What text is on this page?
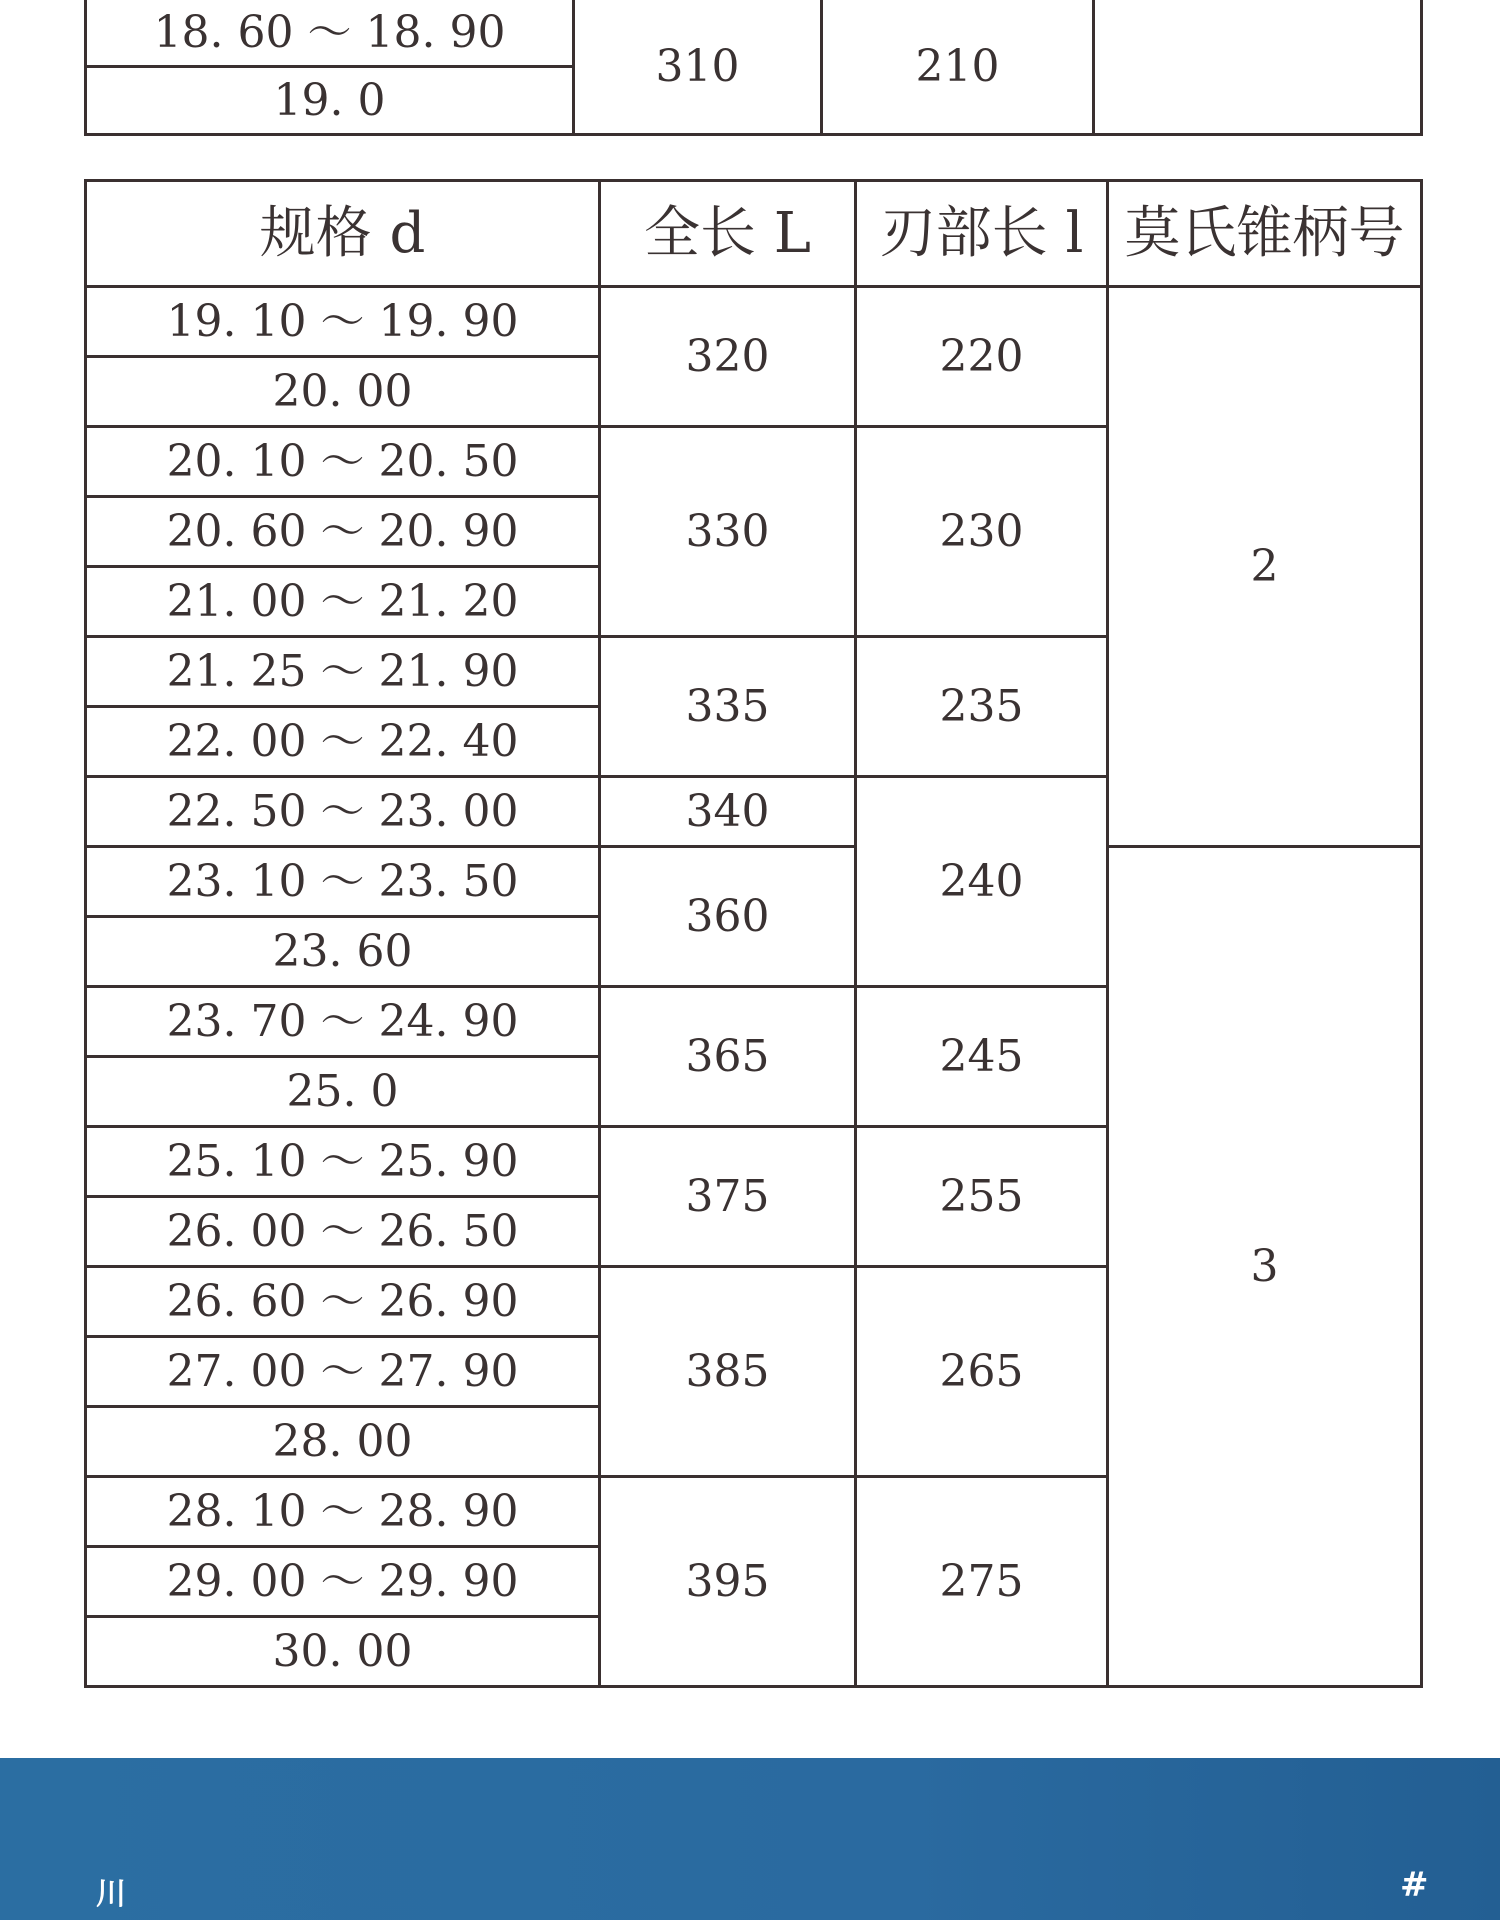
18. 60 ～ 18. 90	310	210	
19. 0
规格 d	全长 L	刃部长 l	莫氏锥柄号
19. 10 ～ 19. 90	320	220	2
20. 00			
20. 10 ～ 20. 50	330	230	
20. 60 ～ 20. 90			
21. 00 ～ 21. 20			
21. 25 ～ 21. 90	335	235	
22. 00 ～ 22. 40			
22. 50 ～ 23. 00	340	240	
23. 10 ～ 23. 50	360		3
23. 60			
23. 70 ～ 24. 90	365	245	
25. 0			
25. 10 ～ 25. 90	375	255	
26. 00 ～ 26. 50			
26. 60 ～ 26. 90	385	265	
27. 00 ～ 27. 90			
28. 00			
28. 10 ～ 28. 90	395	275	
29. 00 ～ 29. 90			
30. 00			
川	#
